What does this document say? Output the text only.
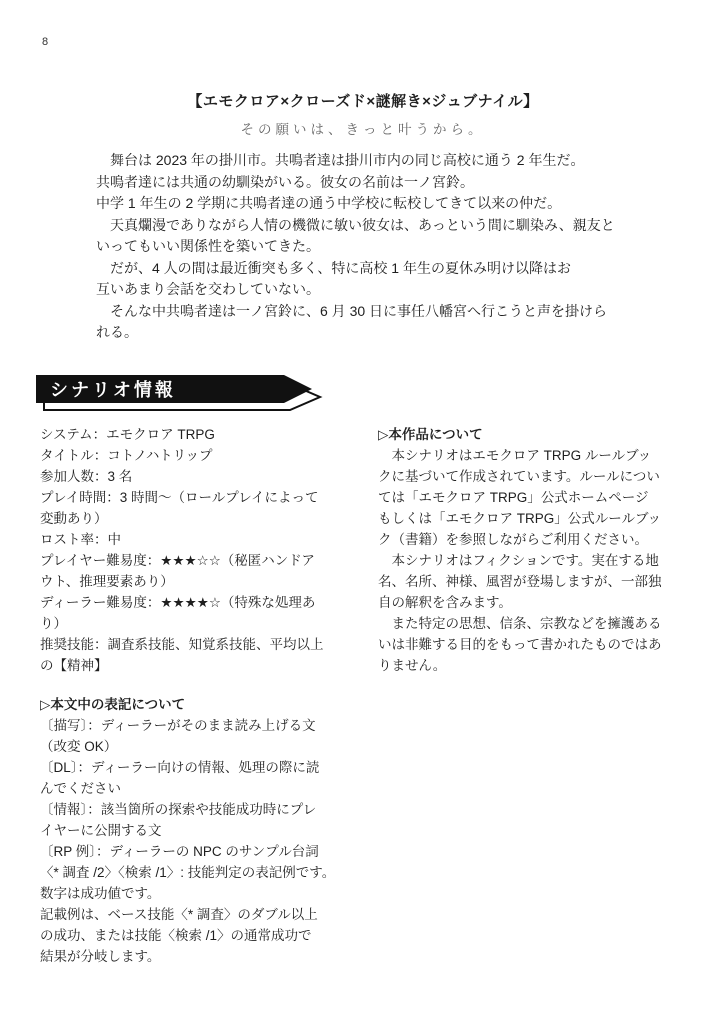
8
【エモクロア×クローズド×謎解き×ジュブナイル】
その願いは、きっと叶うから。
　舞台は 2023 年の掛川市。共鳴者達は掛川市内の同じ高校に通う 2 年生だ。
共鳴者達には共通の幼馴染がいる。彼女の名前は一ノ宮鈴。
中学 1 年生の 2 学期に共鳴者達の通う中学校に転校してきて以来の仲だ。
　天真爛漫でありながら人情の機微に敏い彼女は、あっという間に馴染み、親友と
いってもいい関係性を築いてきた。
　だが、4 人の間は最近衝突も多く、特に高校 1 年生の夏休み明け以降はお
互いあまり会話を交わしていない。
　そんな中共鳴者達は一ノ宮鈴に、6 月 30 日に事任八幡宮へ行こうと声を掛けら
れる。
シナリオ情報
システム：エモクロア TRPG
タイトル：コトノハトリップ
参加人数：3 名
プレイ時間：3 時間～（ロールプレイによって
変動あり）
ロスト率：中
プレイヤー難易度：★★★☆☆（秘匿ハンドア
ウト、推理要素あり）
ディーラー難易度：★★★★☆（特殊な処理あ
り）
推奨技能：調査系技能、知覚系技能、平均以上
の【精神】
▷本文中の表記について
〔描写〕：ディーラーがそのまま読み上げる文
（改変 OK）
〔DL〕：ディーラー向けの情報、処理の際に読
んでください
〔情報〕：該当箇所の探索や技能成功時にプレ
イヤーに公開する文
〔RP 例〕：ディーラーの NPC のサンプル台詞
〈* 調査 /2〉〈検索 /1〉: 技能判定の表記例です。
数字は成功値です。
記載例は、ベース技能〈* 調査〉のダブル以上
の成功、または技能〈検索 /1〉の通常成功で
結果が分岐します。
▷本作品について
　本シナリオはエモクロア TRPG ルールブッ
クに基づいて作成されています。ルールについ
ては「エモクロア TRPG」公式ホームページ
もしくは「エモクロア TRPG」公式ルールブッ
ク（書籍）を参照しながらご利用ください。
　本シナリオはフィクションです。実在する地
名、名所、神様、風習が登場しますが、一部独
自の解釈を含みます。
　また特定の思想、信条、宗教などを擁護ある
いは非難する目的をもって書かれたものではあ
りません。
